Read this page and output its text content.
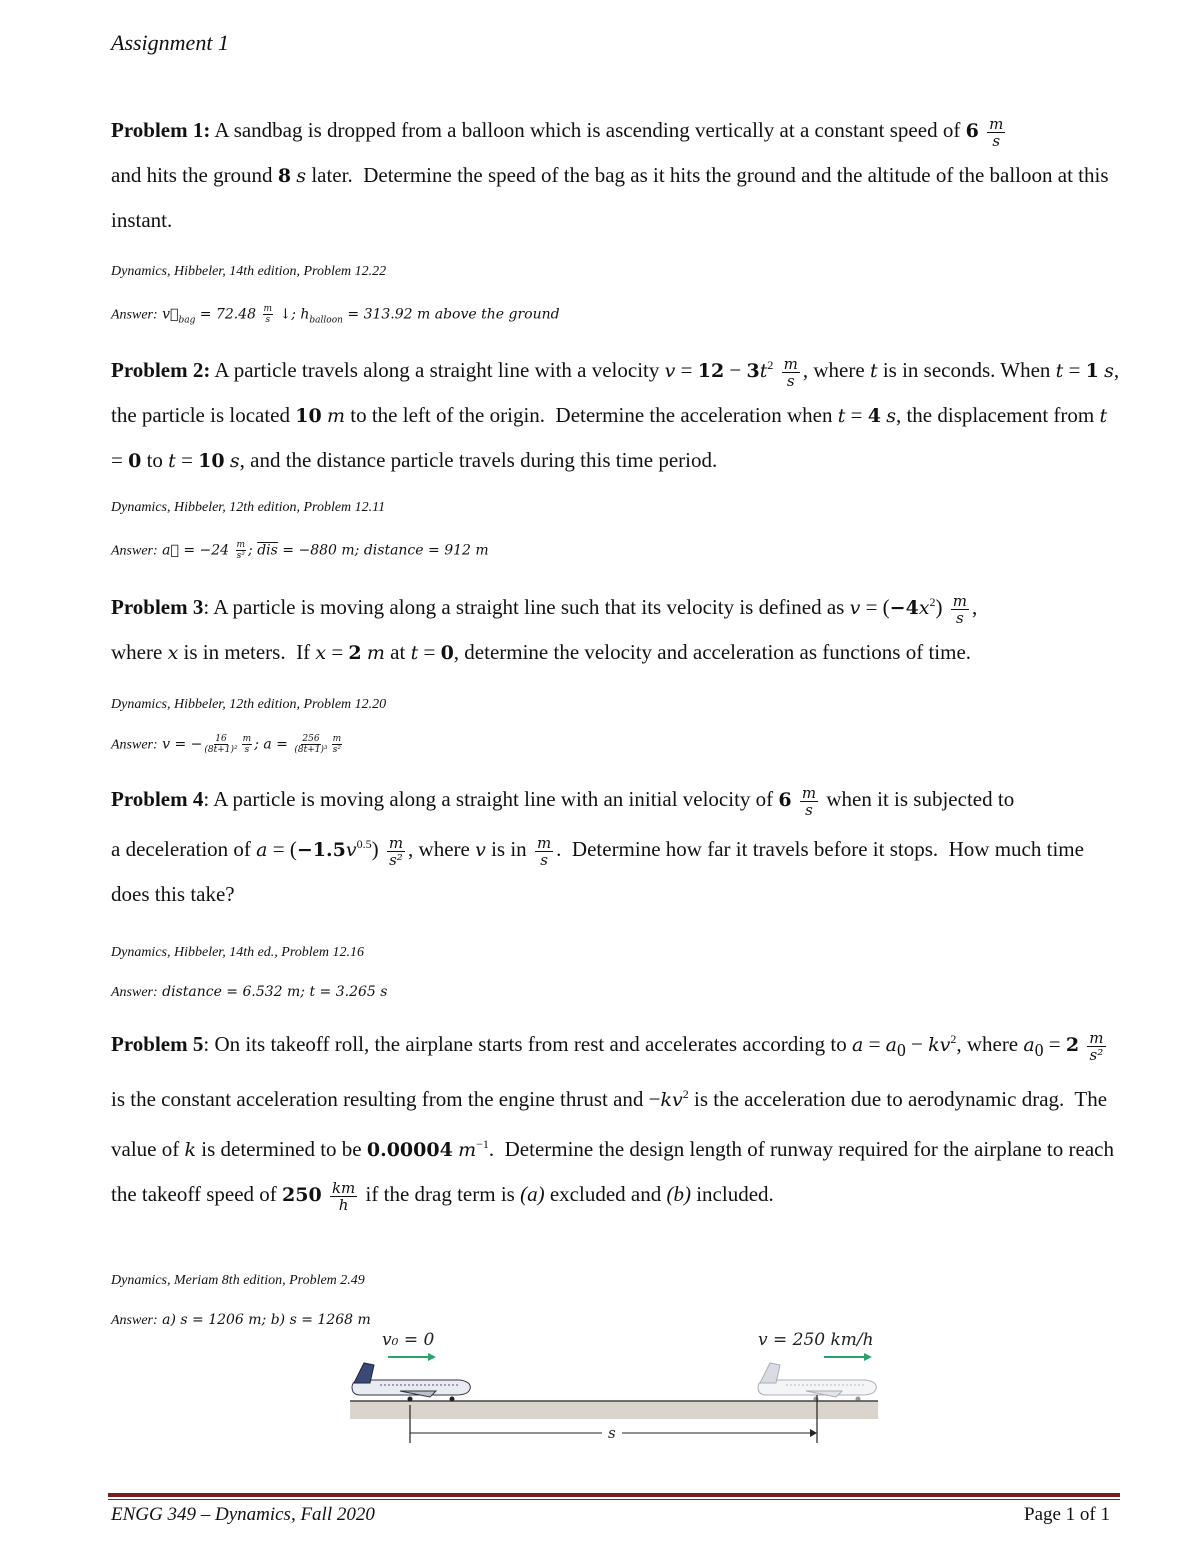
Assignment 1
Problem 1: A sandbag is dropped from a balloon which is ascending vertically at a constant speed of $6 \frac{m}{s}$

and hits the ground 8 s later.  Determine the speed of the bag as it hits the ground and the altitude of the balloon at this instant.
Dynamics, Hibbeler, 14th edition, Problem 12.22
Answer: $v⃗_{bag} = 72.48 \frac{m}{s}$ ↓; $h_{balloon} = 313.92$ m above the ground
Problem 2: A particle travels along a straight line with a velocity $v = 12 - 3t^2 \frac{m}{s}$ , where t is in seconds. When t = 1 s, the particle is located 10 m to the left of the origin.  Determine the acceleration when t = 4 s, the displacement from t = 0 to t = 10 s, and the distance particle travels during this time period.
Dynamics, Hibbeler, 12th edition, Problem 12.11
Answer: a⃗ = $-24 \frac{m}{\text{s²}}$ ; $\overline{dis} = -880$ m; distance = 912 m
Problem 3: A particle is moving along a straight line such that its velocity is defined as $v = (-4x^2) \frac{m}{s}$ ,
where x is in meters.  If x = 2 m at t = 0, determine the velocity and acceleration as functions of time.
Dynamics, Hibbeler, 12th edition, Problem 12.20
Answer: v = − $\frac{16}{\text{(8t+1)²}} \frac{m}{s}$ ; $a = \frac{256}{\text{(8t+1)³}} \frac{m}{\text{s²}}$
Problem 4: A particle is moving along a straight line with an initial velocity of $6 \frac{m}{s}$ when it is subjected to
a deceleration of $a = (-1.5v^{0.5}) \frac{m}{\text{s²}}$ , where v is in $\frac{m}{s}$ .  Determine how far it travels before it stops.  How much time does this take?
Dynamics, Hibbeler, 14th ed., Problem 12.16
Answer: distance = 6.532 m; t = 3.265 s
Problem 5: On its takeoff roll, the airplane starts from rest and accelerates according to $a = a_0 - kv^2$, where $a_0 = 2 \frac{m}{\text{s²}}$
is the constant acceleration resulting from the engine thrust and $-kv^2$ is the acceleration due to aerodynamic drag.  The value of k is determined to be 0.00004 $m^{-1}$.  Determine the design length of runway required for the airplane to reach the takeoff speed of $250 \frac{km}{h}$ if the drag term is (a) excluded and (b) included.
Dynamics, Meriam 8th edition, Problem 2.49
Answer: a) s = 1206 m; b) s = 1268 m
v₀ = 0	v = 250 km/h
s
ENGG 349 – Dynamics, Fall 2020	Page 1 of 1
